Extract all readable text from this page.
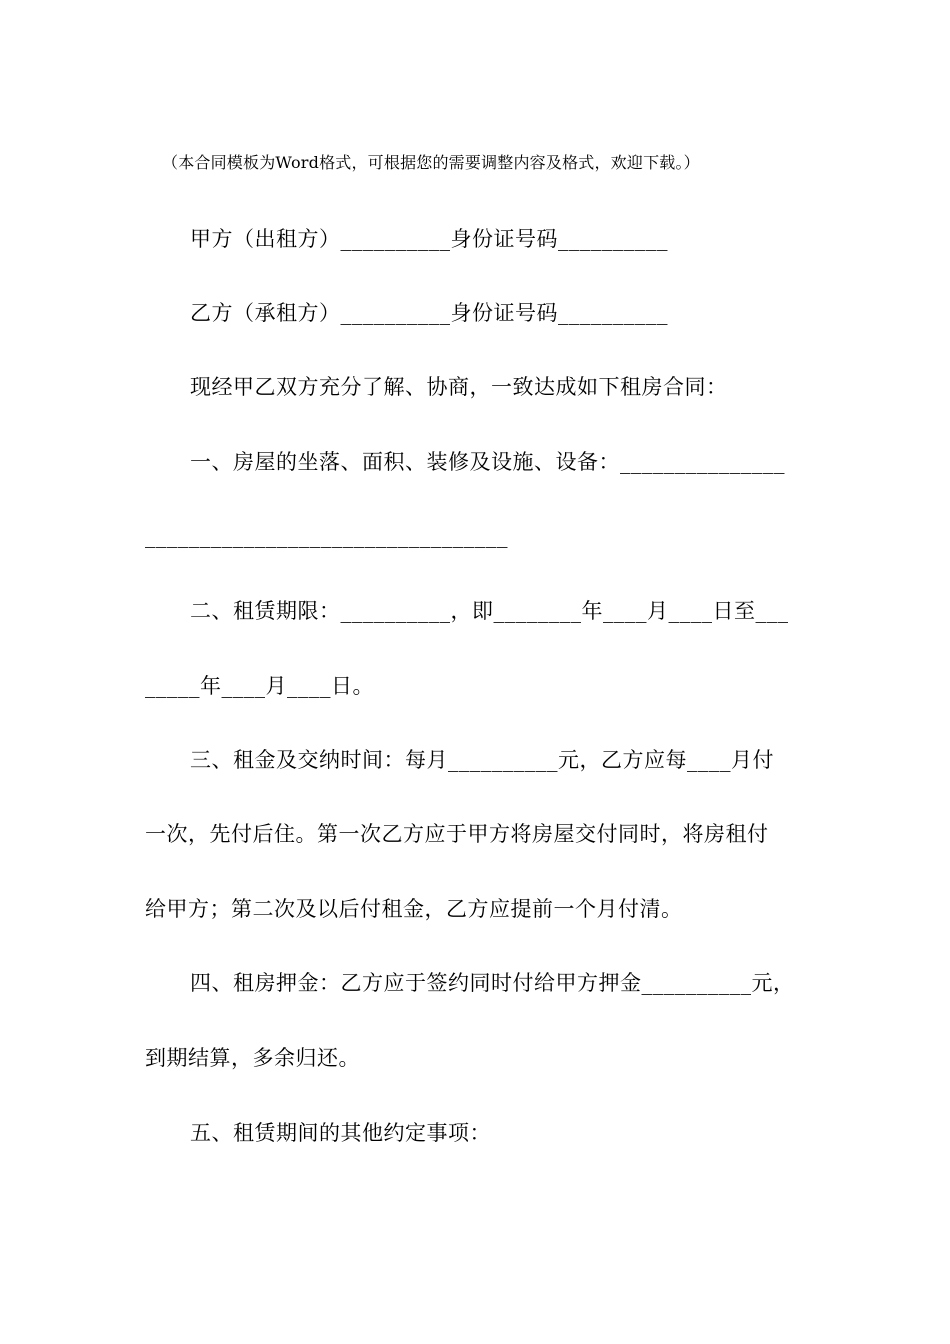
（本合同模板为Word格式，可根据您的需要调整内容及格式，欢迎下载。）
甲方（出租方）__________身份证号码__________
乙方（承租方）__________身份证号码__________
现经甲乙双方充分了解、协商，一致达成如下租房合同：
一、房屋的坐落、面积、装修及设施、设备：_______________
_________________________________
二、租赁期限：__________，即________年____月____日至___
_____年____月____日。
三、租金及交纳时间：每月__________元，乙方应每____月付
一次，先付后住。第一次乙方应于甲方将房屋交付同时，将房租付
给甲方；第二次及以后付租金，乙方应提前一个月付清。
四、租房押金：乙方应于签约同时付给甲方押金__________元，
到期结算，多余归还。
五、租赁期间的其他约定事项：
